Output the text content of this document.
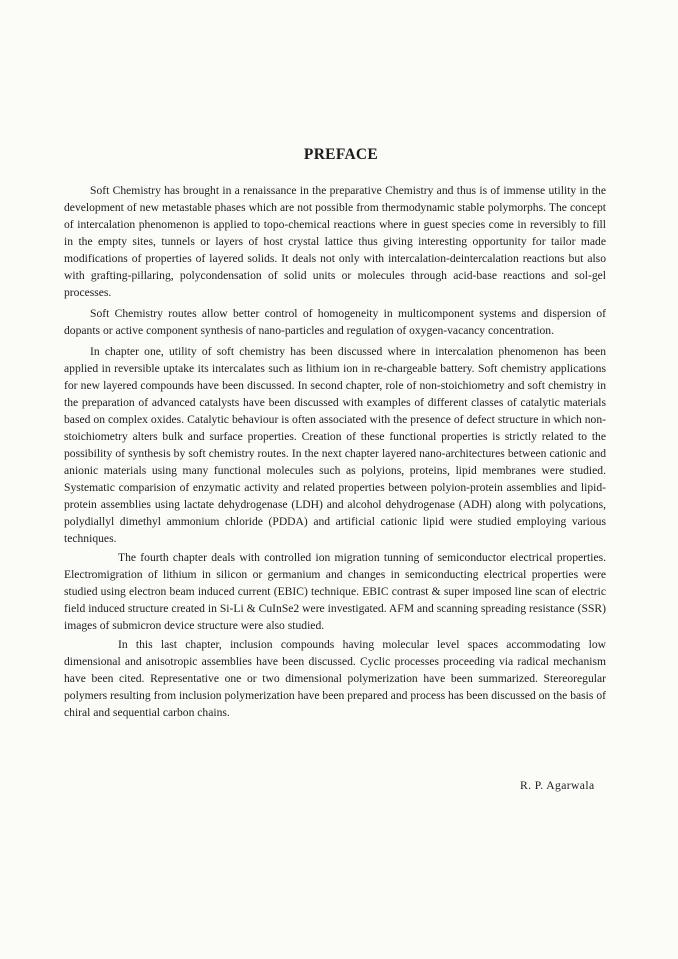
PREFACE

Soft Chemistry has brought in a renaissance in the preparative Chemistry and thus is of immense utility in the development of new metastable phases which are not possible from thermodynamic stable polymorphs. The concept of intercalation phenomenon is applied to topo-chemical reactions where in guest species come in reversibly to fill in the empty sites, tunnels or layers of host crystal lattice thus giving interesting opportunity for tailor made modifications of properties of layered solids. It deals not only with intercalation-deintercalation reactions but also with grafting-pillaring, polycondensation of solid units or molecules through acid-base reactions and sol-gel processes.

Soft Chemistry routes allow better control of homogeneity in multicomponent systems and dispersion of dopants or active component synthesis of nano-particles and regulation of oxygen-vacancy concentration.

In chapter one, utility of soft chemistry has been discussed where in intercalation phenomenon has been applied in reversible uptake its intercalates such as lithium ion in re-chargeable battery. Soft chemistry applications for new layered compounds have been discussed. In second chapter, role of non-stoichiometry and soft chemistry in the preparation of advanced catalysts have been discussed with examples of different classes of catalytic materials based on complex oxides. Catalytic behaviour is often associated with the presence of defect structure in which non-stoichiometry alters bulk and surface properties. Creation of these functional properties is strictly related to the possibility of synthesis by soft chemistry routes. In the next chapter layered nano-architectures between cationic and anionic materials using many functional molecules such as polyions, proteins, lipid membranes were studied. Systematic comparision of enzymatic activity and related properties between polyion-protein assemblies and lipid-protein assemblies using lactate dehydrogenase (LDH) and alcohol dehydrogenase (ADH) along with polycations, polydiallyl dimethyl ammonium chloride (PDDA) and artificial cationic lipid were studied employing various techniques.

The fourth chapter deals with controlled ion migration tunning of semiconductor electrical properties. Electromigration of lithium in silicon or germanium and changes in semiconducting electrical properties were studied using electron beam induced current (EBIC) technique. EBIC contrast & super imposed line scan of electric field induced structure created in Si-Li & CuInSe2 were investigated. AFM and scanning spreading resistance (SSR) images of submicron device structure were also studied.

In this last chapter, inclusion compounds having molecular level spaces accommodating low dimensional and anisotropic assemblies have been discussed. Cyclic processes proceeding via radical mechanism have been cited. Representative one or two dimensional polymerization have been summarized. Stereoregular polymers resulting from inclusion polymerization have been prepared and process has been discussed on the basis of chiral and sequential carbon chains.

R. P. Agarwala
